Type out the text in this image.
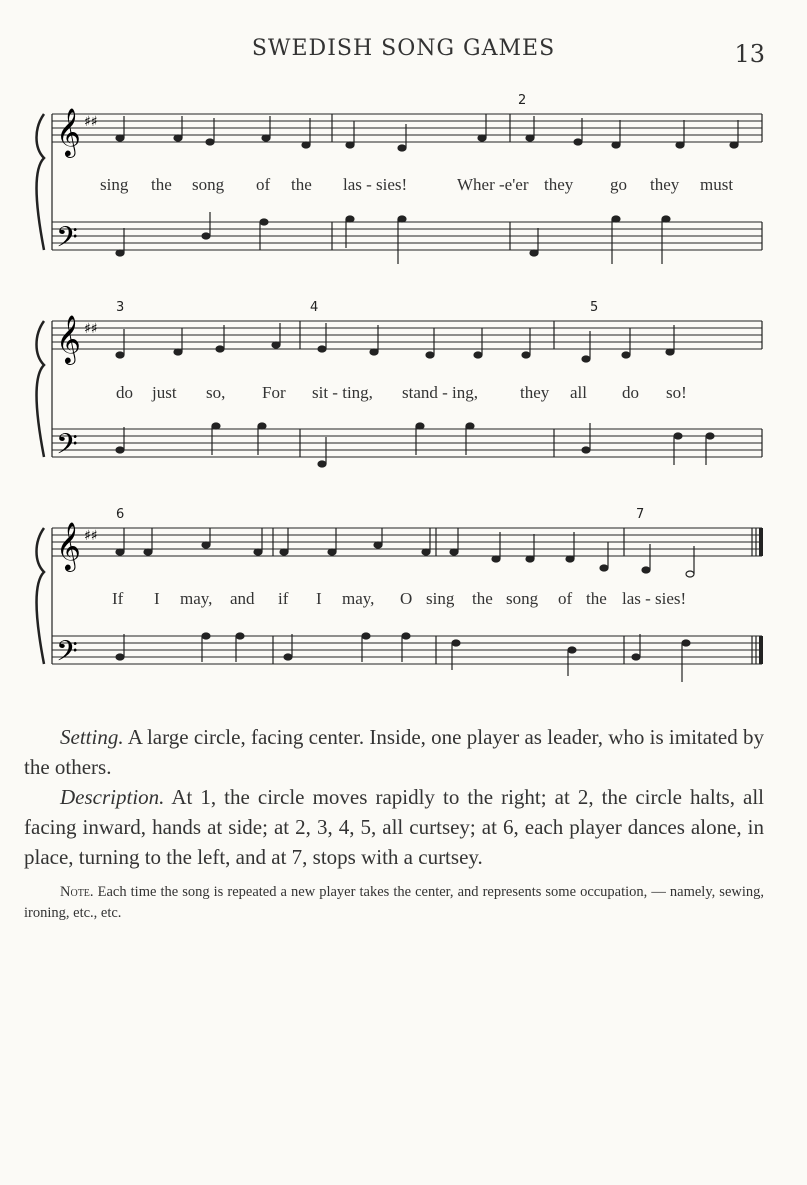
SWEDISH SONG GAMES	13
𝄞
𝄢
♯♯
2
sing the song of the las - sies!	Wher -e'er they go they must
𝄞
𝄢
♯♯
3	4	5
do just so, For sit - ting, stand - ing, they all do so!
𝄞
𝄢
♯♯
6	7
If I may, and if I may, O sing the song of the las - sies!

Setting. A large circle, facing center. Inside, one player as leader, who is imitated by the others.

Description. At 1, the circle moves rapidly to the right; at 2, the circle halts, all facing inward, hands at side; at 2, 3, 4, 5, all curtsey; at 6, each player dances alone, in place, turning to the left, and at 7, stops with a curtsey.

Note. Each time the song is repeated a new player takes the center, and represents some occupation, — namely, sewing, ironing, etc., etc.
